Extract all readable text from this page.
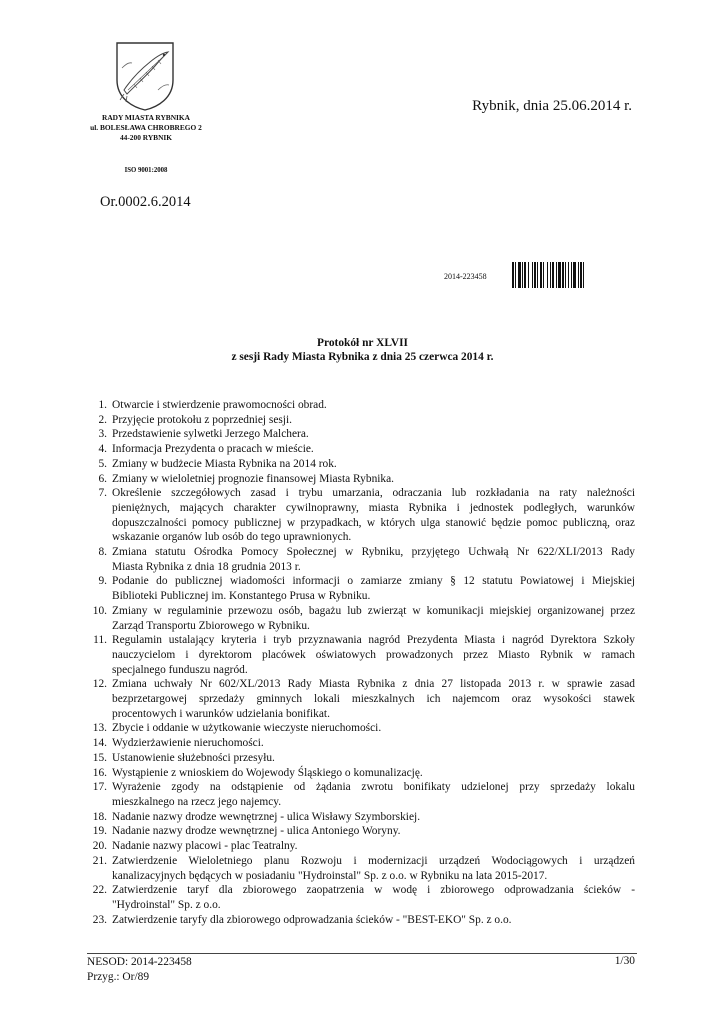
RADY MIASTA RYBNIKA
ul. BOLESŁAWA CHROBREGO 2
44-200 RYBNIK
ISO 9001:2008
Rybnik, dnia 25.06.2014 r.
Or.0002.6.2014
2014-223458
Protokół nr XLVII
z sesji Rady Miasta Rybnika z dnia 25 czerwca 2014 r.
1. Otwarcie i stwierdzenie prawomocności obrad.
2. Przyjęcie protokołu z poprzedniej sesji.
3. Przedstawienie sylwetki Jerzego Malchera.
4. Informacja Prezydenta o pracach w mieście.
5. Zmiany w budżecie Miasta Rybnika na 2014 rok.
6. Zmiany w wieloletniej prognozie finansowej Miasta Rybnika.
7. Określenie szczegółowych zasad i trybu umarzania, odraczania lub rozkładania na raty należności
pieniężnych, mających charakter cywilnoprawny, miasta Rybnika i jednostek podległych, warunków
dopuszczalności pomocy publicznej w przypadkach, w których ulga stanowić będzie pomoc publiczną, oraz
wskazanie organów lub osób do tego uprawnionych.
8. Zmiana statutu Ośrodka Pomocy Społecznej w Rybniku, przyjętego Uchwałą Nr 622/XLI/2013 Rady
Miasta Rybnika z dnia 18 grudnia 2013 r.
9. Podanie do publicznej wiadomości informacji o zamiarze zmiany § 12 statutu Powiatowej i Miejskiej
Biblioteki Publicznej im. Konstantego Prusa w Rybniku.
10. Zmiany w regulaminie przewozu osób, bagażu lub zwierząt w komunikacji miejskiej organizowanej przez
Zarząd Transportu Zbiorowego w Rybniku.
11. Regulamin ustalający kryteria i tryb przyznawania nagród Prezydenta Miasta i nagród Dyrektora Szkoły
nauczycielom i dyrektorom placówek oświatowych prowadzonych przez Miasto Rybnik w ramach
specjalnego funduszu nagród.
12. Zmiana uchwały Nr 602/XL/2013 Rady Miasta Rybnika z dnia 27 listopada 2013 r. w sprawie zasad
bezprzetargowej sprzedaży gminnych lokali mieszkalnych ich najemcom oraz wysokości stawek
procentowych i warunków udzielania bonifikat.
13. Zbycie i oddanie w użytkowanie wieczyste nieruchomości.
14. Wydzierżawienie nieruchomości.
15. Ustanowienie służebności przesyłu.
16. Wystąpienie z wnioskiem do Wojewody Śląskiego o komunalizację.
17. Wyrażenie zgody na odstąpienie od żądania zwrotu bonifikaty udzielonej przy sprzedaży lokalu
mieszkalnego na rzecz jego najemcy.
18. Nadanie nazwy drodze wewnętrznej - ulica Wisławy Szymborskiej.
19. Nadanie nazwy drodze wewnętrznej - ulica Antoniego Woryny.
20. Nadanie nazwy placowi - plac Teatralny.
21. Zatwierdzenie Wieloletniego planu Rozwoju i modernizacji urządzeń Wodociągowych i urządzeń
kanalizacyjnych będących w posiadaniu "Hydroinstal" Sp. z o.o. w Rybniku na lata 2015-2017.
22. Zatwierdzenie taryf dla zbiorowego zaopatrzenia w wodę i zbiorowego odprowadzania ścieków -
"Hydroinstal" Sp. z o.o.
23. Zatwierdzenie taryfy dla zbiorowego odprowadzania ścieków - "BEST-EKO" Sp. z o.o.
NESOD: 2014-223458
Przyg.: Or/89
1/30
